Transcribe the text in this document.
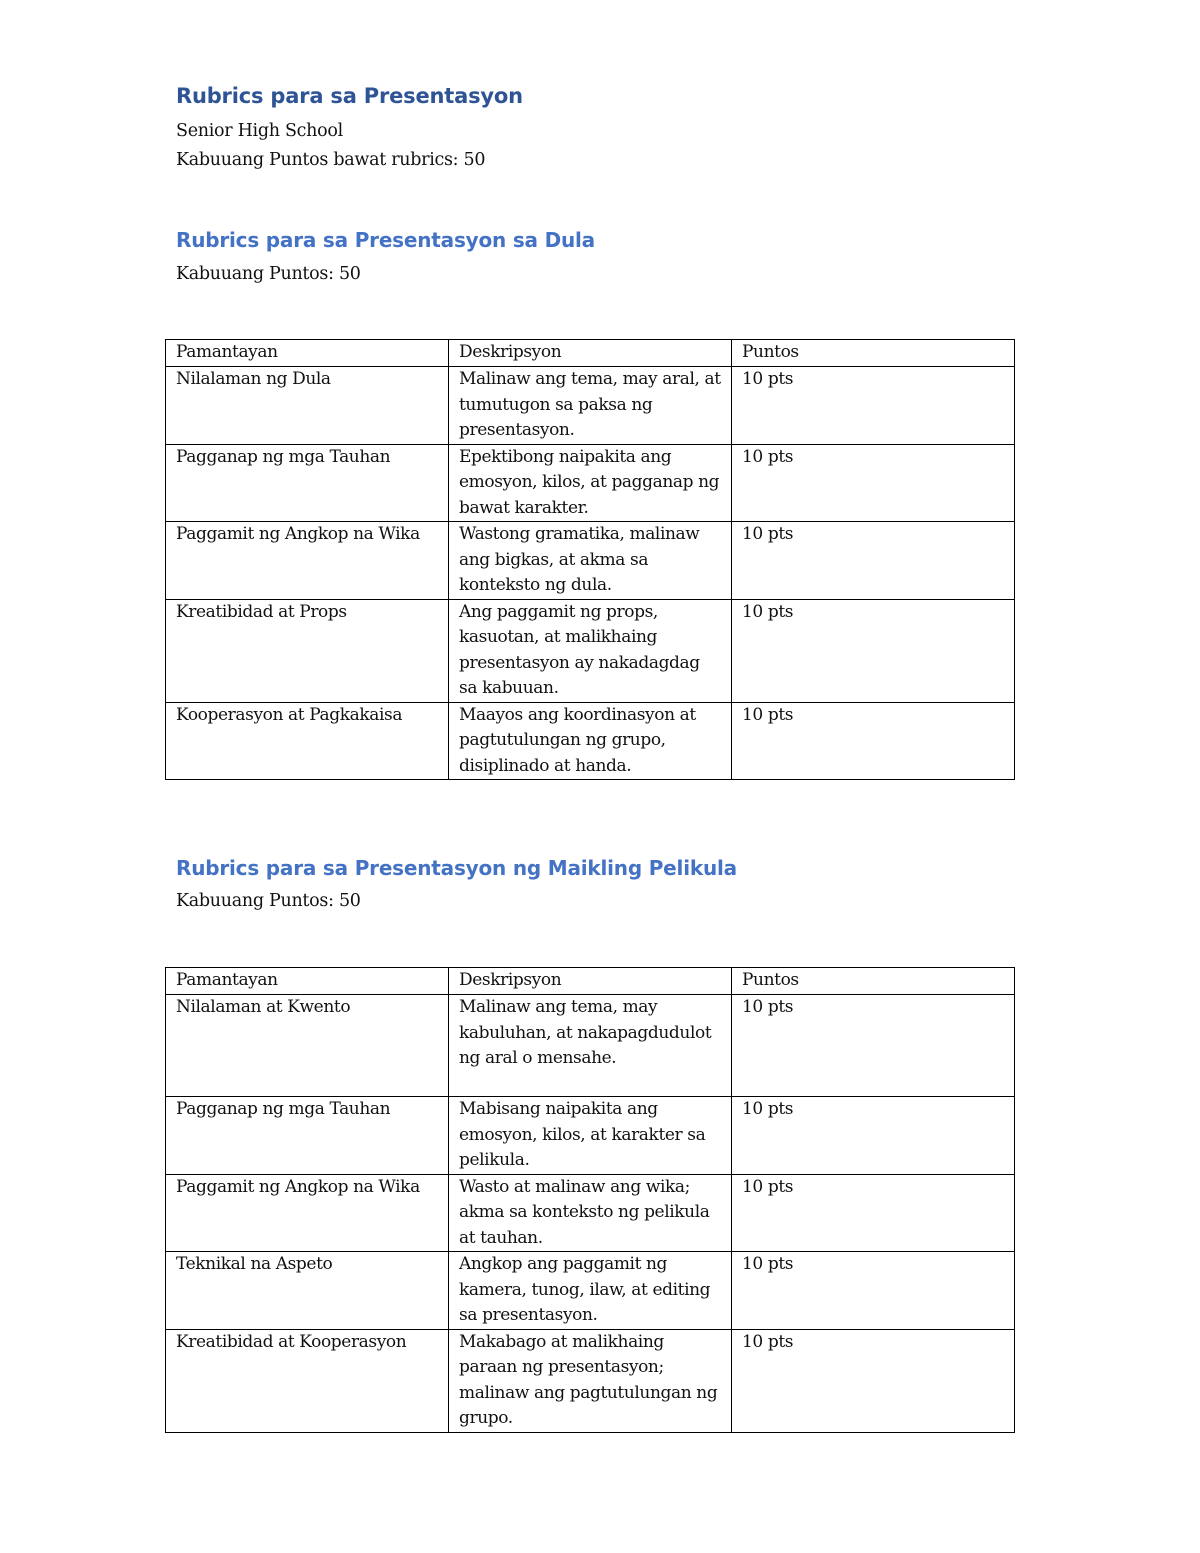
Rubrics para sa Presentasyon

Senior High School

Kabuuang Puntos bawat rubrics: 50

Rubrics para sa Presentasyon sa Dula

Kabuuang Puntos: 50

Pamantayan	Deskripsyon	Puntos
Nilalaman ng Dula	Malinaw ang tema, may aral, at tumutugon sa paksa ng presentasyon.	10 pts
Pagganap ng mga Tauhan	Epektibong naipakita ang emosyon, kilos, at pagganap ng bawat karakter.	10 pts
Paggamit ng Angkop na Wika	Wastong gramatika, malinaw ang bigkas, at akma sa konteksto ng dula.	10 pts
Kreatibidad at Props	Ang paggamit ng props, kasuotan, at malikhaing presentasyon ay nakadagdag sa kabuuan.	10 pts
Kooperasyon at Pagkakaisa	Maayos ang koordinasyon at pagtutulungan ng grupo, disiplinado at handa.	10 pts
Rubrics para sa Presentasyon ng Maikling Pelikula

Kabuuang Puntos: 50

Pamantayan	Deskripsyon	Puntos
Nilalaman at Kwento	Malinaw ang tema, may kabuluhan, at nakapagdudulot ng aral o mensahe.	10 pts
Pagganap ng mga Tauhan	Mabisang naipakita ang emosyon, kilos, at karakter sa pelikula.	10 pts
Paggamit ng Angkop na Wika	Wasto at malinaw ang wika; akma sa konteksto ng pelikula at tauhan.	10 pts
Teknikal na Aspeto	Angkop ang paggamit ng kamera, tunog, ilaw, at editing sa presentasyon.	10 pts
Kreatibidad at Kooperasyon	Makabago at malikhaing paraan ng presentasyon; malinaw ang pagtutulungan ng grupo.	10 pts
